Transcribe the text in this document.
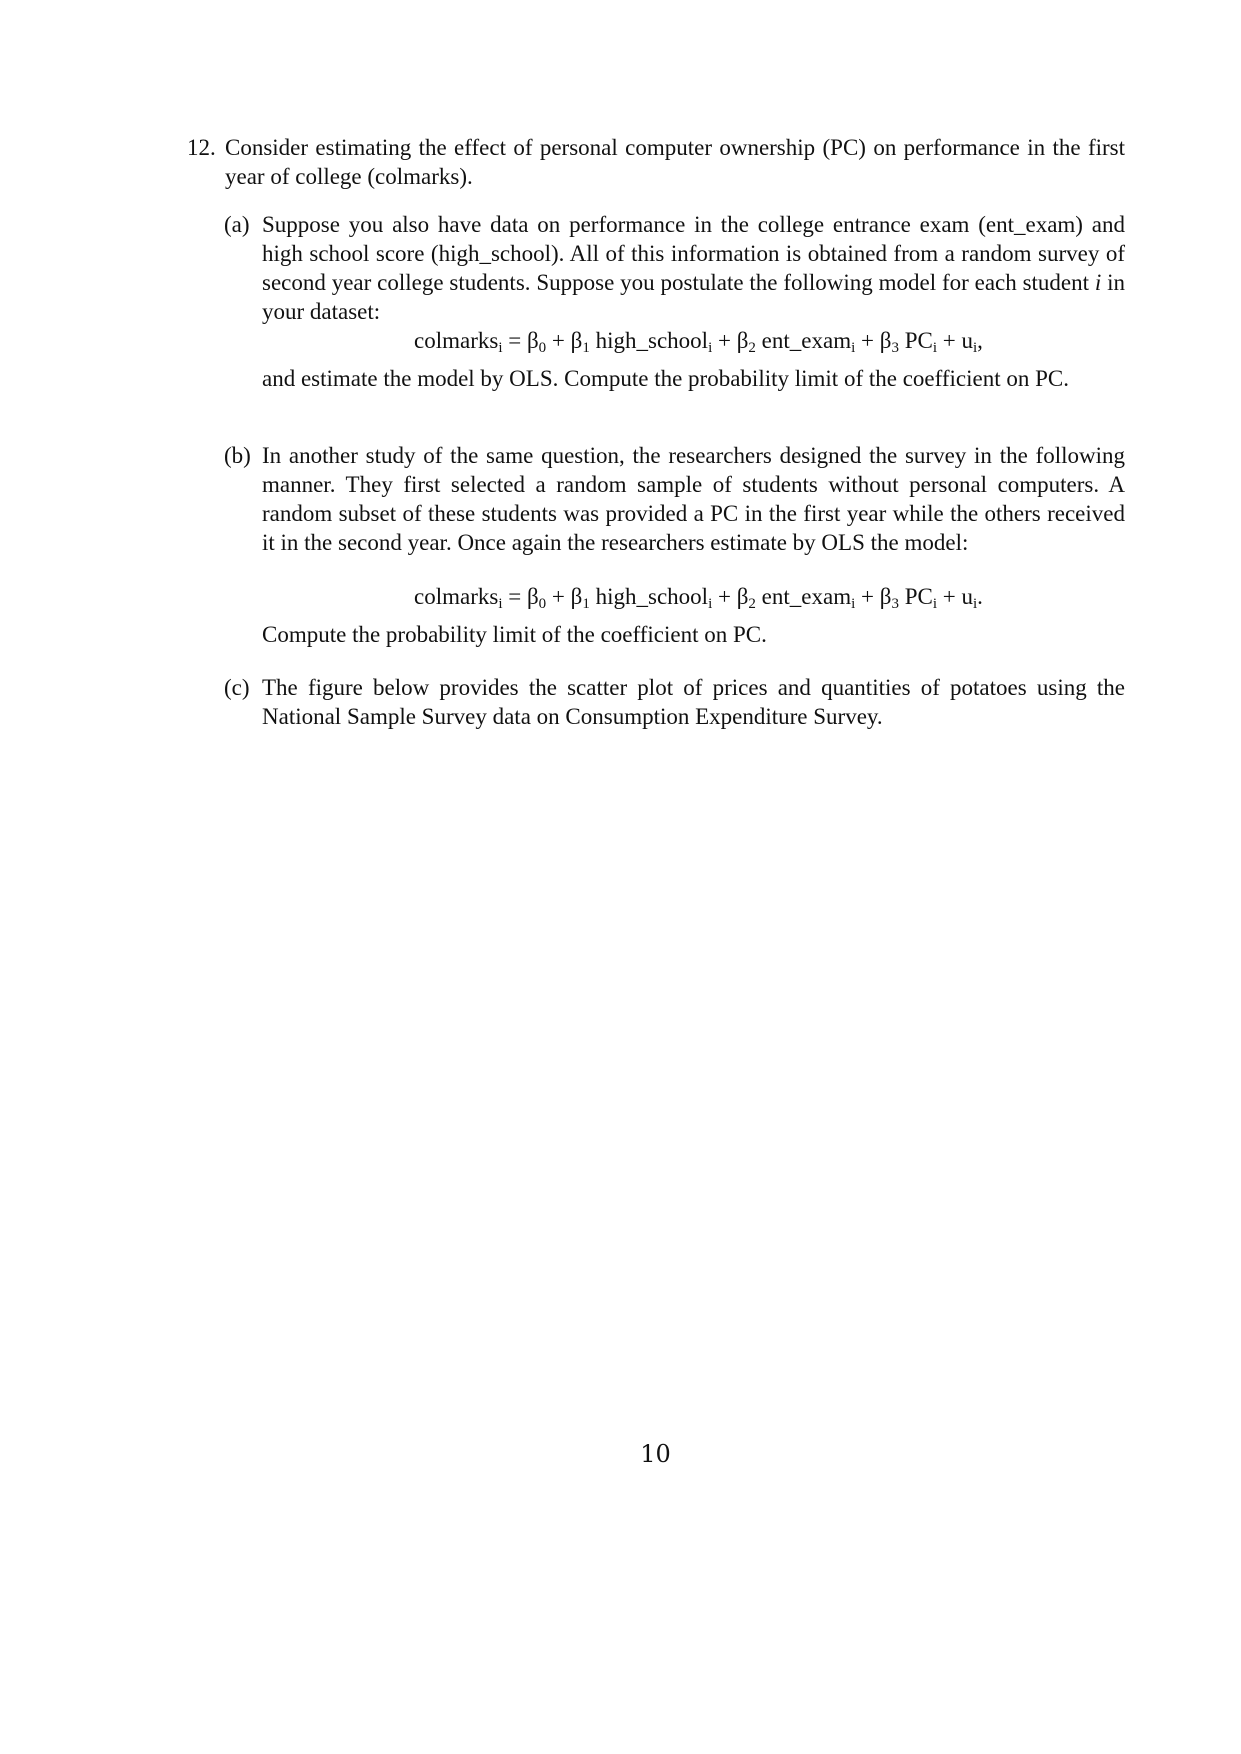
12. Consider estimating the effect of personal computer ownership (PC) on performance in the first year of college (colmarks).
(a) Suppose you also have data on performance in the college entrance exam (ent_exam) and high school score (high_school). All of this information is obtained from a random survey of second year college students. Suppose you postulate the following model for each student i in your dataset:
colmarks$_i$ = $\beta_0 + \beta_1$ high_school$_i$ + $\beta_2$ ent_exam$_i$ + $\beta_3$ $PC_i + u_i$,
and estimate the model by OLS. Compute the probability limit of the coefficient on PC.
(b) In another study of the same question, the researchers designed the survey in the following manner. They first selected a random sample of students without personal computers. A random subset of these students was provided a PC in the first year while the others received it in the second year. Once again the researchers estimate by OLS the model:
colmarks$_i$ = $\beta_0 + \beta_1$ high_school$_i$ + $\beta_2$ ent_exam$_i$ + $\beta_3$ $PC_i + u_i$.
Compute the probability limit of the coefficient on PC.
(c) The figure below provides the scatter plot of prices and quantities of potatoes using the National Sample Survey data on Consumption Expenditure Survey.
10
